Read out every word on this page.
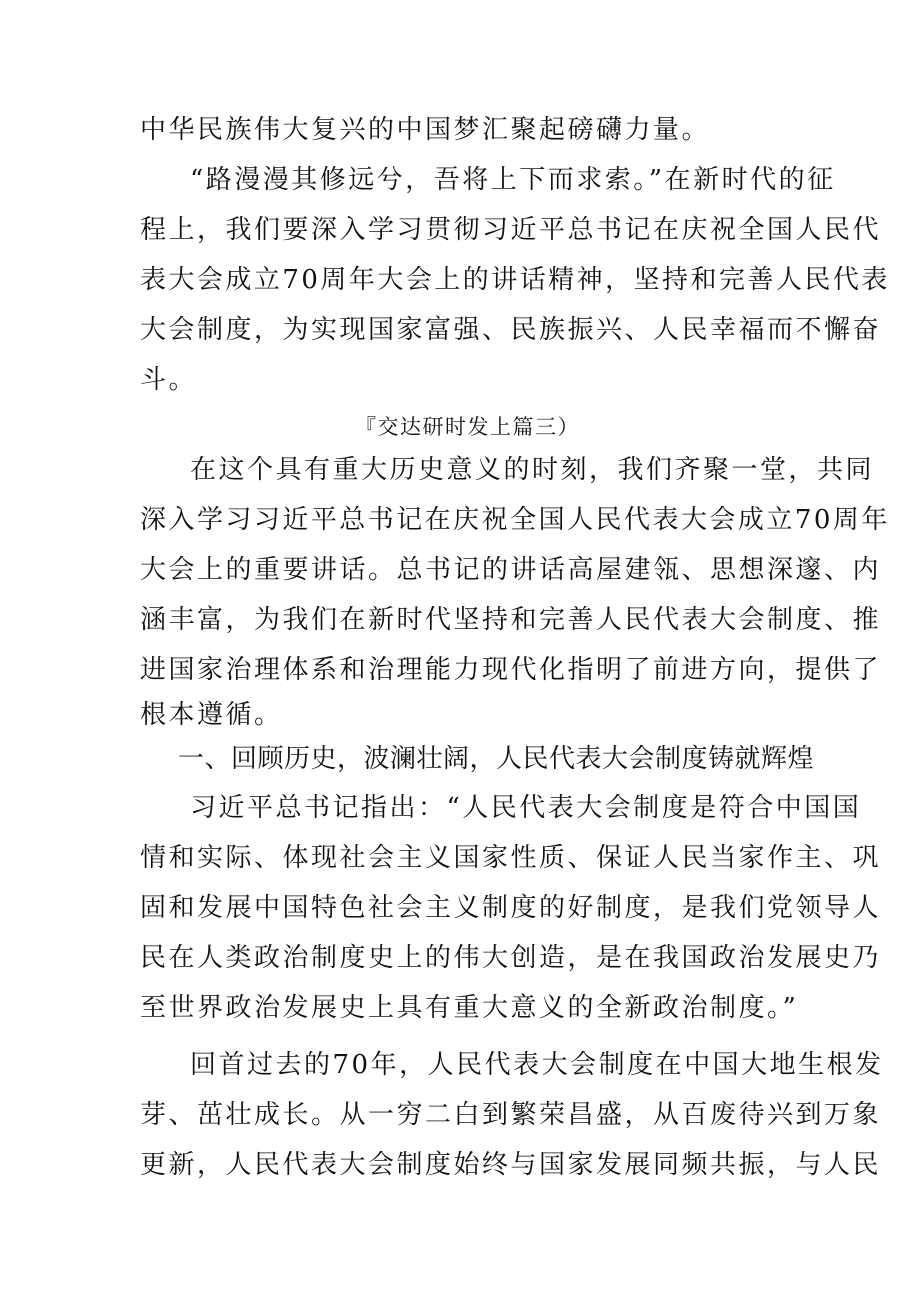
中华民族伟大复兴的中国梦汇聚起磅礴力量。
“路漫漫其修远兮，吾将上下而求索。”在新时代的征
程上，我们要深入学习贯彻习近平总书记在庆祝全国人民代
表大会成立70周年大会上的讲话精神，坚持和完善人民代表
大会制度，为实现国家富强、民族振兴、人民幸福而不懈奋
斗。
『交达研时发上篇三）
在这个具有重大历史意义的时刻，我们齐聚一堂，共同
深入学习习近平总书记在庆祝全国人民代表大会成立70周年
大会上的重要讲话。总书记的讲话高屋建瓴、思想深邃、内
涵丰富，为我们在新时代坚持和完善人民代表大会制度、推
进国家治理体系和治理能力现代化指明了前进方向，提供了
根本遵循。
一、回顾历史，波澜壮阔，人民代表大会制度铸就辉煌
习近平总书记指出：“人民代表大会制度是符合中国国
情和实际、体现社会主义国家性质、保证人民当家作主、巩
固和发展中国特色社会主义制度的好制度，是我们党领导人
民在人类政治制度史上的伟大创造，是在我国政治发展史乃
至世界政治发展史上具有重大意义的全新政治制度。”
回首过去的70年，人民代表大会制度在中国大地生根发
芽、茁壮成长。从一穷二白到繁荣昌盛，从百废待兴到万象
更新，人民代表大会制度始终与国家发展同频共振，与人民
